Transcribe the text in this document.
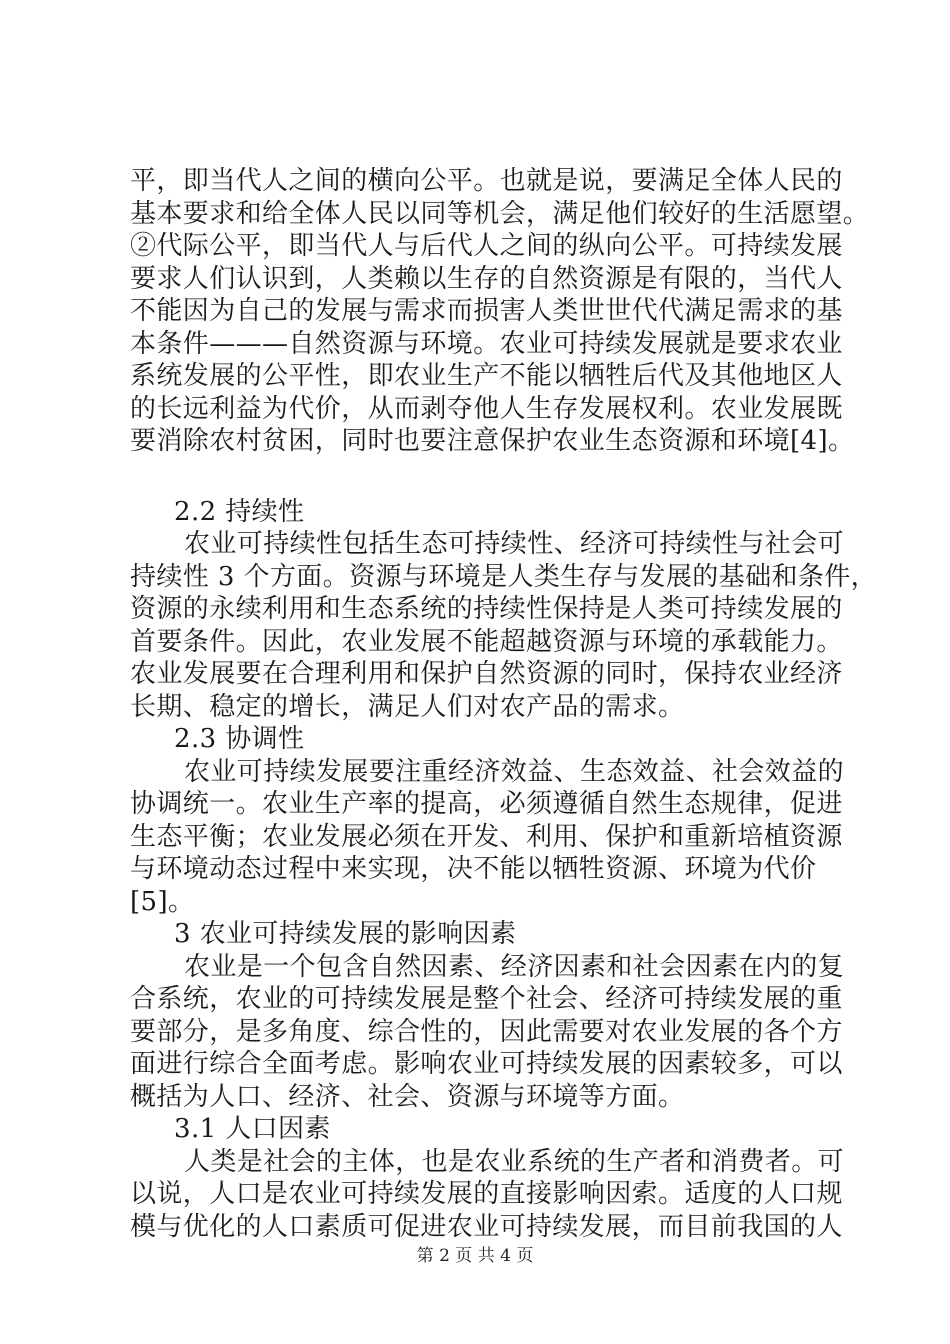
平，即当代人之间的横向公平。也就是说，要满足全体人民的
基本要求和给全体人民以同等机会，满足他们较好的生活愿望。
②代际公平，即当代人与后代人之间的纵向公平。可持续发展
要求人们认识到，人类赖以生存的自然资源是有限的，当代人
不能因为自己的发展与需求而损害人类世世代代满足需求的基
本条件———自然资源与环境。农业可持续发展就是要求农业
系统发展的公平性，即农业生产不能以牺牲后代及其他地区人
的长远利益为代价，从而剥夺他人生存发展权利。农业发展既
要消除农村贫困，同时也要注意保护农业生态资源和环境[4]。
2.2 持续性
农业可持续性包括生态可持续性、经济可持续性与社会可
持续性 3 个方面。资源与环境是人类生存与发展的基础和条件，
资源的永续利用和生态系统的持续性保持是人类可持续发展的
首要条件。因此，农业发展不能超越资源与环境的承载能力。
农业发展要在合理利用和保护自然资源的同时，保持农业经济
长期、稳定的增长，满足人们对农产品的需求。
2.3 协调性
农业可持续发展要注重经济效益、生态效益、社会效益的
协调统一。农业生产率的提高，必须遵循自然生态规律，促进
生态平衡；农业发展必须在开发、利用、保护和重新培植资源
与环境动态过程中来实现，决不能以牺牲资源、环境为代价
[5]。
3 农业可持续发展的影响因素
农业是一个包含自然因素、经济因素和社会因素在内的复
合系统，农业的可持续发展是整个社会、经济可持续发展的重
要部分，是多角度、综合性的，因此需要对农业发展的各个方
面进行综合全面考虑。影响农业可持续发展的因素较多，可以
概括为人口、经济、社会、资源与环境等方面。
3.1 人口因素
人类是社会的主体，也是农业系统的生产者和消费者。可
以说，人口是农业可持续发展的直接影响因索。适度的人口规
模与优化的人口素质可促进农业可持续发展，而目前我国的人
第 2 页 共 4 页
